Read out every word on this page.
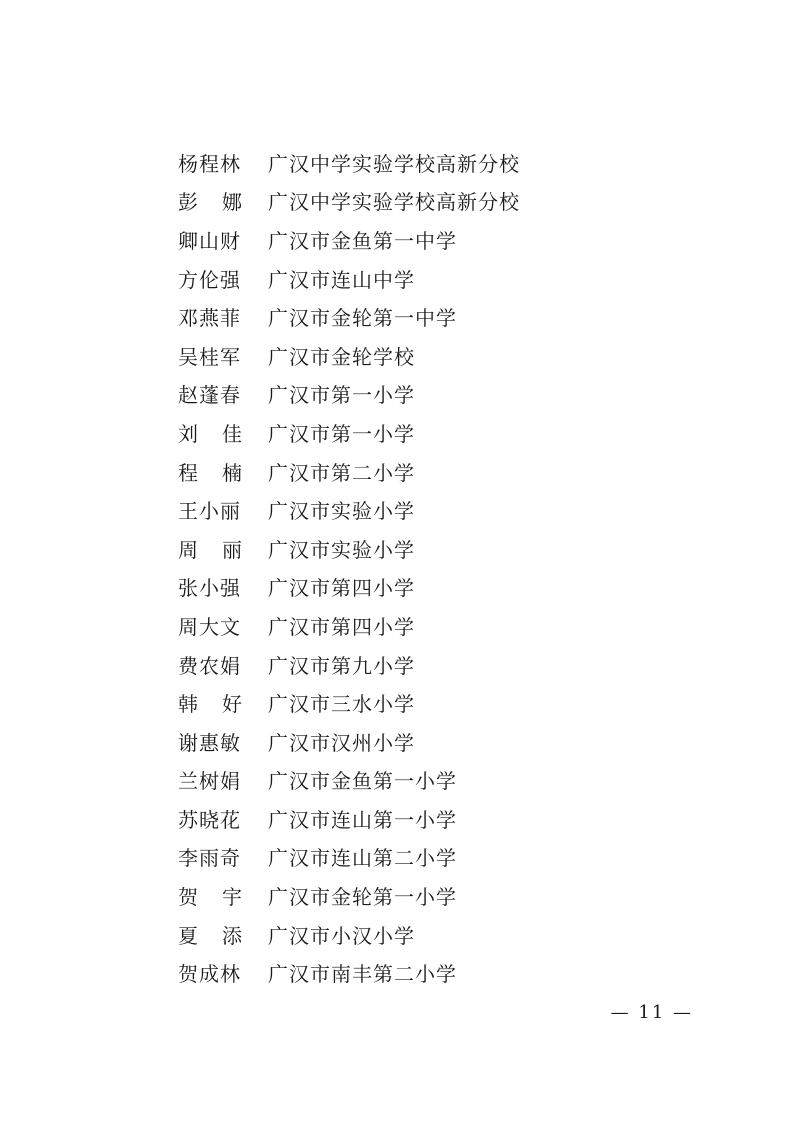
杨程林	广汉中学实验学校高新分校
彭 娜 广汉中学实验学校高新分校
卿山财	广汉市金鱼第一中学
方伦强	广汉市连山中学
邓燕菲	广汉市金轮第一中学
吴桂军	广汉市金轮学校
赵蓬春	广汉市第一小学
刘 佳 广汉市第一小学
程 楠 广汉市第二小学
王小丽	广汉市实验小学
周 丽 广汉市实验小学
张小强	广汉市第四小学
周大文	广汉市第四小学
费农娟	广汉市第九小学
韩 好 广汉市三水小学
谢惠敏	广汉市汉州小学
兰树娟	广汉市金鱼第一小学
苏晓花	广汉市连山第一小学
李雨奇	广汉市连山第二小学
贺 宇 广汉市金轮第一小学
夏 添 广汉市小汉小学
贺成林	广汉市南丰第二小学
— 11 —
